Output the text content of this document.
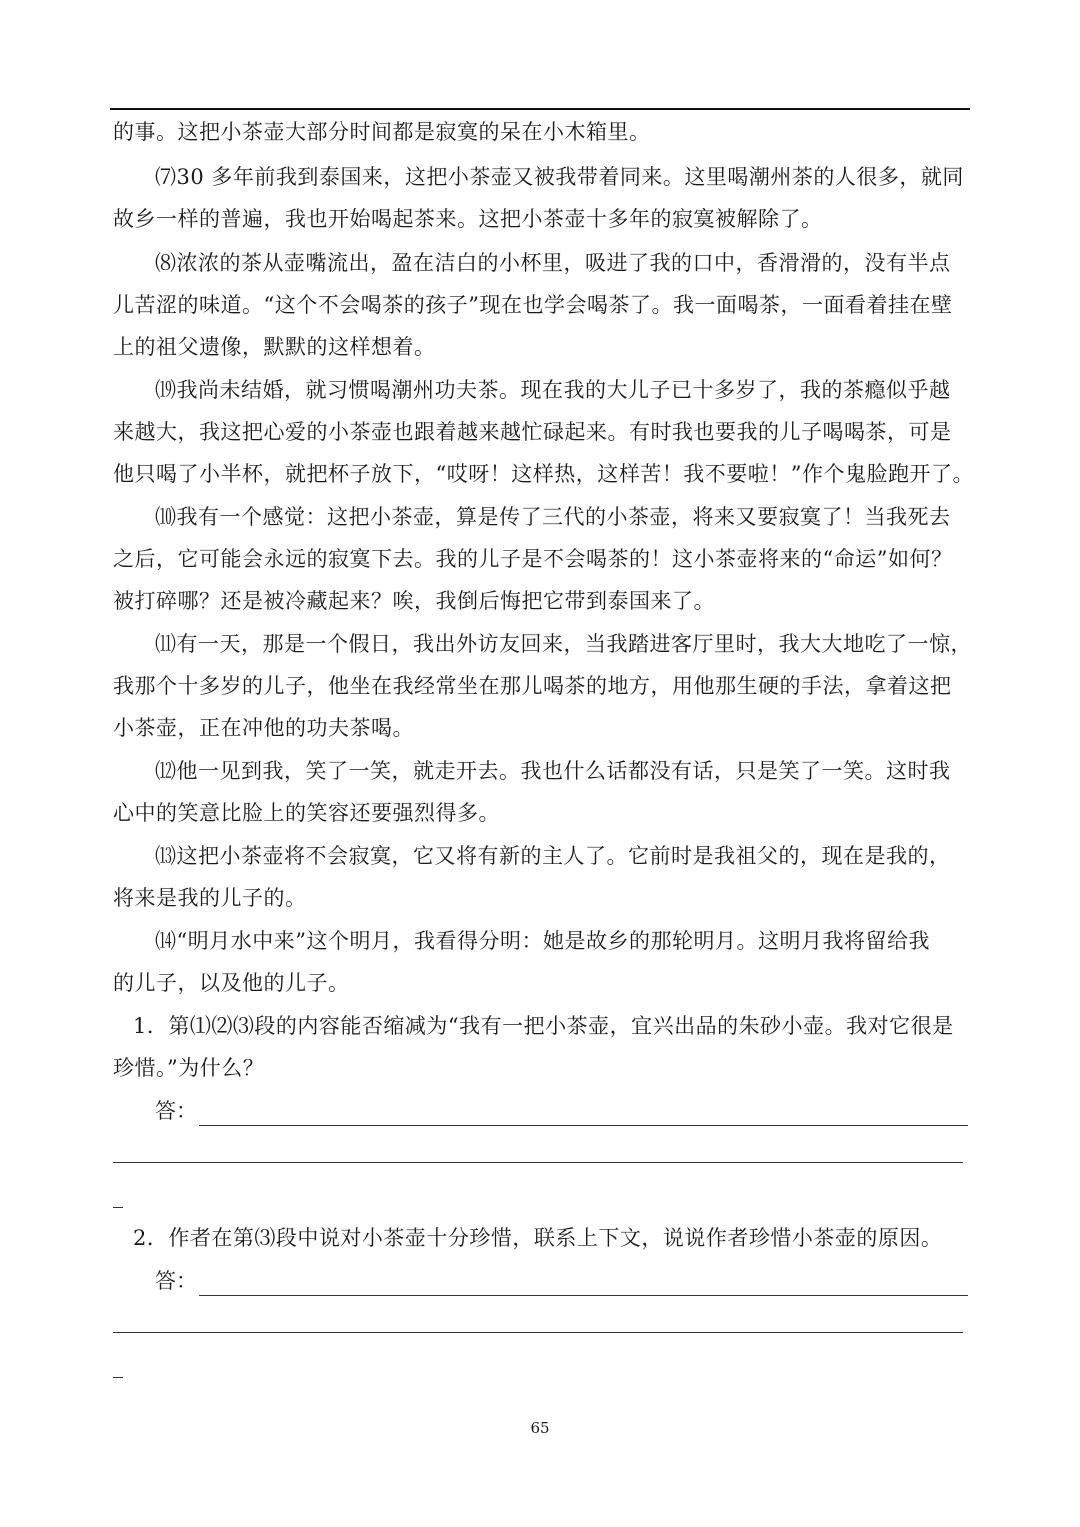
的事。这把小茶壶大部分时间都是寂寞的呆在小木箱里。
⑺30 多年前我到泰国来，这把小茶壶又被我带着同来。这里喝潮州茶的人很多，就同
故乡一样的普遍，我也开始喝起茶来。这把小茶壶十多年的寂寞被解除了。
⑻浓浓的茶从壶嘴流出，盈在洁白的小杯里，吸进了我的口中，香滑滑的，没有半点
儿苦涩的味道。“这个不会喝茶的孩子”现在也学会喝茶了。我一面喝茶，一面看着挂在壁
上的祖父遗像，默默的这样想着。
⒆我尚未结婚，就习惯喝潮州功夫茶。现在我的大儿子已十多岁了，我的茶瘾似乎越
来越大，我这把心爱的小茶壶也跟着越来越忙碌起来。有时我也要我的儿子喝喝茶，可是
他只喝了小半杯，就把杯子放下，“哎呀！这样热，这样苦！我不要啦！”作个鬼脸跑开了。
⑽我有一个感觉：这把小茶壶，算是传了三代的小茶壶，将来又要寂寞了！当我死去
之后，它可能会永远的寂寞下去。我的儿子是不会喝茶的！这小茶壶将来的“命运”如何？
被打碎哪？还是被冷藏起来？唉，我倒后悔把它带到泰国来了。
⑾有一天，那是一个假日，我出外访友回来，当我踏进客厅里时，我大大地吃了一惊，
我那个十多岁的儿子，他坐在我经常坐在那儿喝茶的地方，用他那生硬的手法，拿着这把
小茶壶，正在冲他的功夫茶喝。
⑿他一见到我，笑了一笑，就走开去。我也什么话都没有话，只是笑了一笑。这时我
心中的笑意比脸上的笑容还要强烈得多。
⒀这把小茶壶将不会寂寞，它又将有新的主人了。它前时是我祖父的，现在是我的，
将来是我的儿子的。
⒁“明月水中来”这个明月，我看得分明：她是故乡的那轮明月。这明月我将留给我
的儿子，以及他的儿子。
1．第⑴⑵⑶段的内容能否缩减为“我有一把小茶壶，宜兴出品的朱砂小壶。我对它很是
珍惜。”为什么？
答：
2．作者在第⑶段中说对小茶壶十分珍惜，联系上下文，说说作者珍惜小茶壶的原因。
答：
65
